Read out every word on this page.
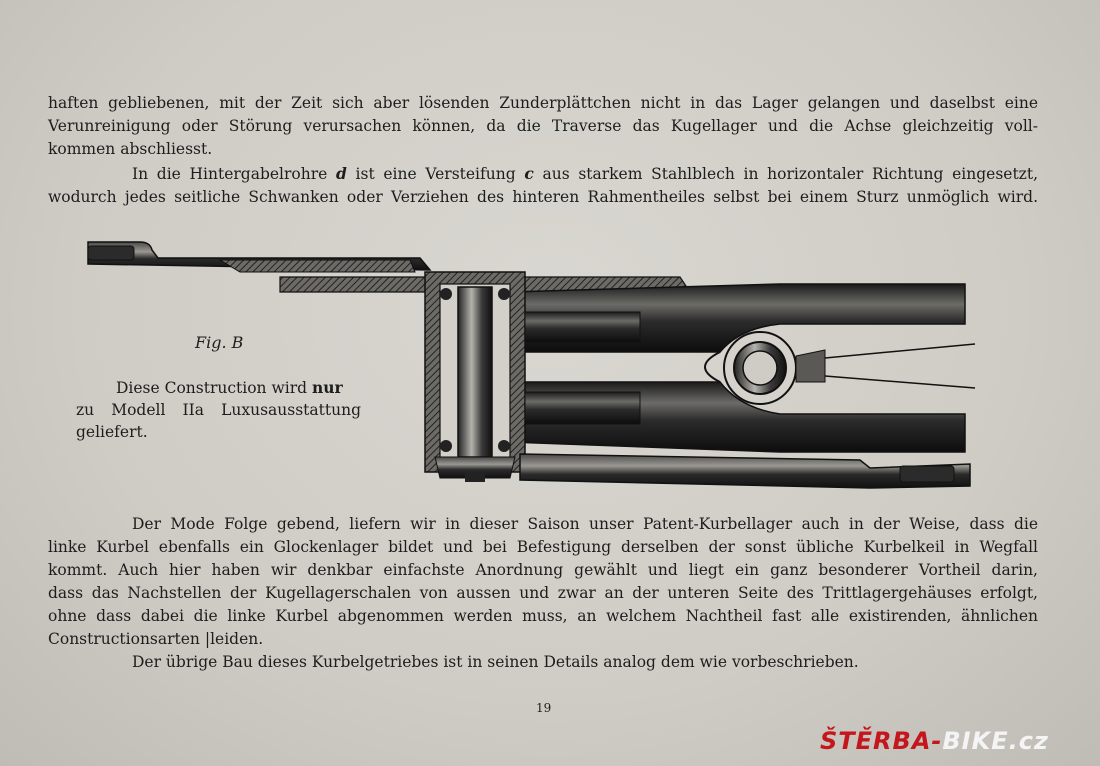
haften gebliebenen, mit der Zeit sich aber lösenden Zunderplättchen nicht in das Lager gelangen und daselbst eine
Verunreinigung oder Störung verursachen können, da die Traverse das Kugellager und die Achse gleichzeitig voll-
kommen abschliesst.

In die Hintergabelrohre d ist eine Versteifung c aus starkem Stahlblech in horizontaler Richtung eingesetzt,
wodurch jedes seitliche Schwanken oder Verziehen des hinteren Rahmentheiles selbst bei einem Sturz unmöglich wird.

Fig. B
Diese Construction wird nur
zu Modell IIa Luxusausstattung
geliefert.

Der Mode Folge gebend, liefern wir in dieser Saison unser Patent-Kurbellager auch in der Weise, dass die
linke Kurbel ebenfalls ein Glockenlager bildet und bei Befestigung derselben der sonst übliche Kurbelkeil in Wegfall
kommt. Auch hier haben wir denkbar einfachste Anordnung gewählt und liegt ein ganz besonderer Vortheil darin,
dass das Nachstellen der Kugellagerschalen von aussen und zwar an der unteren Seite des Trittlagergehäuses erfolgt,
ohne dass dabei die linke Kurbel abgenommen werden muss, an welchem Nachtheil fast alle existirenden, ähnlichen
Constructionsarten |leiden.

Der übrige Bau dieses Kurbelgetriebes ist in seinen Details analog dem wie vorbeschrieben.

19
ŠTĚRBA-BIKE.cz
